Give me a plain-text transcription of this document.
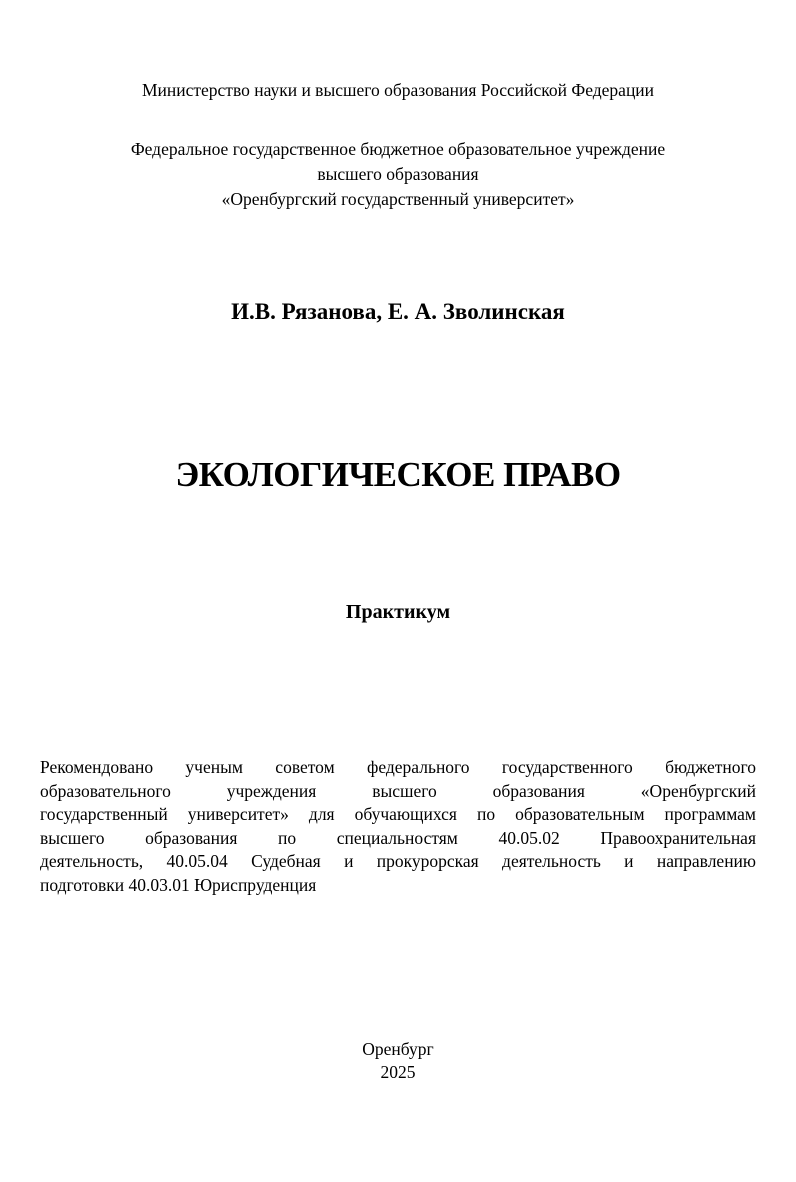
Министерство науки и высшего образования Российской Федерации
Федеральное государственное бюджетное образовательное учреждение
высшего образования
«Оренбургский государственный университет»
И.В. Рязанова, Е. А. Зволинская
ЭКОЛОГИЧЕСКОЕ ПРАВО
Практикум
Рекомендовано ученым советом федерального государственного бюджетного
образовательного учреждения высшего образования «Оренбургский
государственный университет» для обучающихся по образовательным программам
высшего образования по специальностям 40.05.02 Правоохранительная
деятельность, 40.05.04 Судебная и прокурорская деятельность и направлению
подготовки 40.03.01 Юриспруденция
Оренбург
2025
